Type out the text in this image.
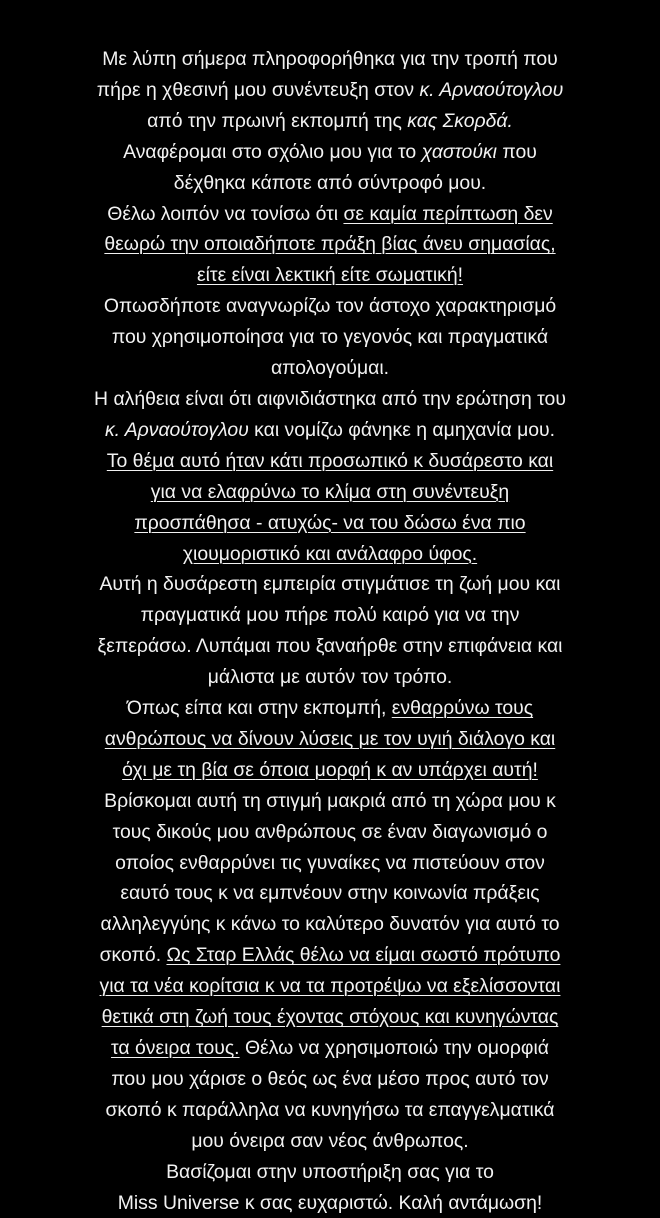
Με λύπη σήμερα πληροφορήθηκα για την τροπή που
πήρε η χθεσινή μου συνέντευξη στον κ. Αρναούτογλου
από την πρωινή εκπομπή της κας Σκορδά.
Αναφέρομαι στο σχόλιο μου για το χαστούκι που
δέχθηκα κάποτε από σύντροφό μου.
Θέλω λοιπόν να τονίσω ότι σε καμία περίπτωση δεν
θεωρώ την οποιαδήποτε πράξη βίας άνευ σημασίας,
είτε είναι λεκτική είτε σωματική!
Οπωσδήποτε αναγνωρίζω τον άστοχο χαρακτηρισμό
που χρησιμοποίησα για το γεγονός και πραγματικά
απολογούμαι.
Η αλήθεια είναι ότι αιφνιδιάστηκα από την ερώτηση του
κ. Αρναούτογλου και νομίζω φάνηκε η αμηχανία μου.
Το θέμα αυτό ήταν κάτι προσωπικό κ δυσάρεστο και
για να ελαφρύνω το κλίμα στη συνέντευξη
προσπάθησα - ατυχώς- να του δώσω ένα πιο
χιουμοριστικό και ανάλαφρο ύφος.
Αυτή η δυσάρεστη εμπειρία στιγμάτισε τη ζωή μου και
πραγματικά μου πήρε πολύ καιρό για να την
ξεπεράσω. Λυπάμαι που ξαναήρθε στην επιφάνεια και
μάλιστα με αυτόν τον τρόπο.
Όπως είπα και στην εκπομπή, ενθαρρύνω τους
ανθρώπους να δίνουν λύσεις με τον υγιή διάλογο και
όχι με τη βία σε όποια μορφή κ αν υπάρχει αυτή!
Βρίσκομαι αυτή τη στιγμή μακριά από τη χώρα μου κ
τους δικούς μου ανθρώπους σε έναν διαγωνισμό ο
οποίος ενθαρρύνει τις γυναίκες να πιστεύουν στον
εαυτό τους κ να εμπνέουν στην κοινωνία πράξεις
αλληλεγγύης κ κάνω το καλύτερο δυνατόν για αυτό το
σκοπό. Ως Σταρ Ελλάς θέλω να είμαι σωστό πρότυπο
για τα νέα κορίτσια κ να τα προτρέψω να εξελίσσονται
θετικά στη ζωή τους έχοντας στόχους και κυνηγώντας
τα όνειρα τους. Θέλω να χρησιμοποιώ την ομορφιά
που μου χάρισε ο θεός ως ένα μέσο προς αυτό τον
σκοπό κ παράλληλα να κυνηγήσω τα επαγγελματικά
μου όνειρα σαν νέος άνθρωπος.
Βασίζομαι στην υποστήριξη σας για το
Miss Universe κ σας ευχαριστώ. Καλή αντάμωση!
